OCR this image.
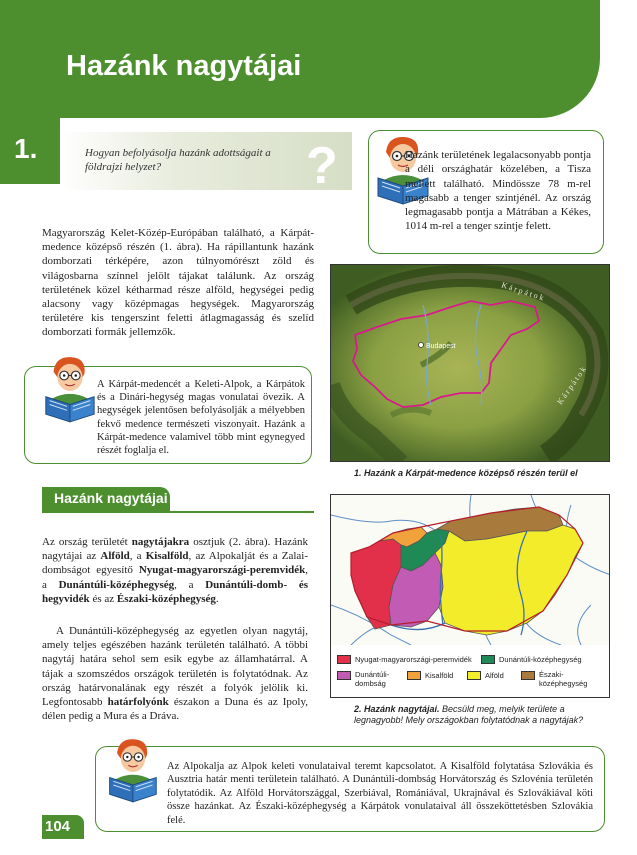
Hazánk nagytájai
1.	Hogyan befolyásolja hazánk adottságait a földrajzi helyzet?	?
Magyarország Kelet-Közép-Európában található, a Kárpát-medence középső részén (1. ábra). Ha rápillantunk hazánk domborzati térképére, azon túlnyomórészt zöld és világosbarna színnel jelölt tájakat találunk. Az ország területének közel kétharmad része alföld, hegységei pedig alacsony vagy középmagas hegységek. Magyarország területére kis tengerszint feletti átlagmagasság és szelíd domborzati formák jellemzők.
Hazánk területének legalacsonyabb pontja a déli országhatár közelében, a Tisza mellett található. Mindössze 78 m-rel magasabb a tenger szintjénél. Az ország legmagasabb pontja a Mátrában a Kékes, 1014 m-rel a tenger szintje felett.
A Kárpát-medencét a Keleti-Alpok, a Kárpátok és a Dinári-hegység magas vonulatai övezik. A hegységek jelentősen befolyásolják a mélyebben fekvő medence természeti viszonyait. Hazánk a Kárpát-medence valamivel több mint egynegyed részét foglalja el.
Budapest
K á r p á t o k
K á r p á t o k
1. Hazánk a Kárpát-medence középső részén terül el
Hazánk nagytájai
Az ország területét nagytájakra osztjuk (2. ábra). Hazánk nagytájai az Alföld, a Kisalföld, az Alpokalját és a Zalai-dombságot egyesítő Nyugat-magyarországi-peremvidék, a Dunántúli-középhegység, a Dunántúli-domb- és hegyvidék és az Északi-középhegység.
A Dunántúli-középhegység az egyetlen olyan nagytáj, amely teljes egészében hazánk területén található. A többi nagytáj határa sehol sem esik egybe az államhatárral. A tájak a szomszédos országok területén is folytatódnak. Az ország határvonalának egy részét a folyók jelölik ki. Legfontosabb határfolyónk északon a Duna és az Ipoly, délen pedig a Mura és a Dráva.
Nyugat-magyarországi-peremvidék	Dunántúli-középhegység
Dunántúli-dombság
Kisalföld	Alföld	Északi-középhegység
2. Hazánk nagytájai. Becsüld meg, melyik területe a legnagyobb! Mely országokban folytatódnak a nagytájak?
Az Alpokalja az Alpok keleti vonulataival teremt kapcsolatot. A Kisalföld folytatása Szlovákia és Ausztria határ menti területein található. A Dunántúli-dombság Horvátország és Szlovénia területén folytatódik. Az Alföld Horvátországgal, Szerbiával, Romániával, Ukrajnával és Szlovákiával köti össze hazánkat. Az Északi-középhegység a Kárpátok vonulataival áll összeköttetésben Szlovákia felé.
104
